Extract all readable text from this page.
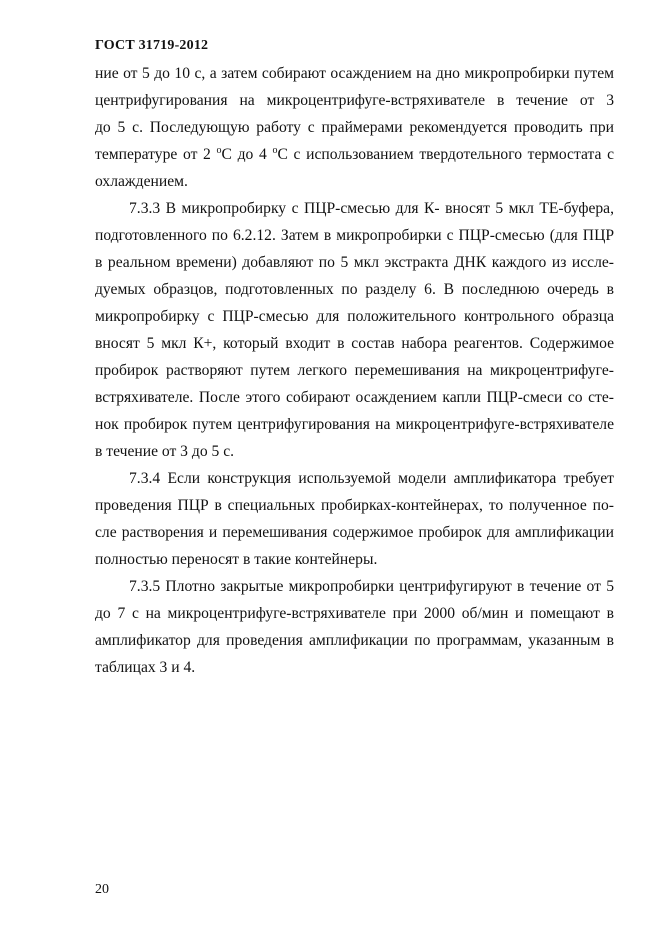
ГОСТ 31719-2012
ние от 5 до 10 с, а затем собирают осаждением на дно микропробирки путем
центрифугирования на микроцентрифуге-встряхивателе в течение от 3
до 5 с. Последующую работу с праймерами рекомендуется проводить при
температуре от 2 $^o$C до 4 $^o$C с использованием твердотельного термостата с
охлаждением.
7.3.3 В микропробирку с ПЦР-смесью для К- вносят 5 мкл ТЕ-буфера,
подготовленного по 6.2.12. Затем в микропробирки с ПЦР-смесью (для ПЦР
в реальном времени) добавляют по 5 мкл экстракта ДНК каждого из иссле-
дуемых образцов, подготовленных по разделу 6. В последнюю очередь в
микропробирку с ПЦР-смесью для положительного контрольного образца
вносят 5 мкл К+, который входит в состав набора реагентов. Содержимое
пробирок растворяют путем легкого перемешивания на микроцентрифуге-
встряхивателе. После этого собирают осаждением капли ПЦР-смеси со сте-
нок пробирок путем центрифугирования на микроцентрифуге-встряхивателе
в течение от 3 до 5 с.
7.3.4 Если конструкция используемой модели амплификатора требует
проведения ПЦР в специальных пробирках-контейнерах, то полученное по-
сле растворения и перемешивания содержимое пробирок для амплификации
полностью переносят в такие контейнеры.
7.3.5 Плотно закрытые микропробирки центрифугируют в течение от 5
до 7 с на микроцентрифуге-встряхивателе при 2000 об/мин и помещают в
амплификатор для проведения амплификации по программам, указанным в
таблицах 3 и 4.
20
